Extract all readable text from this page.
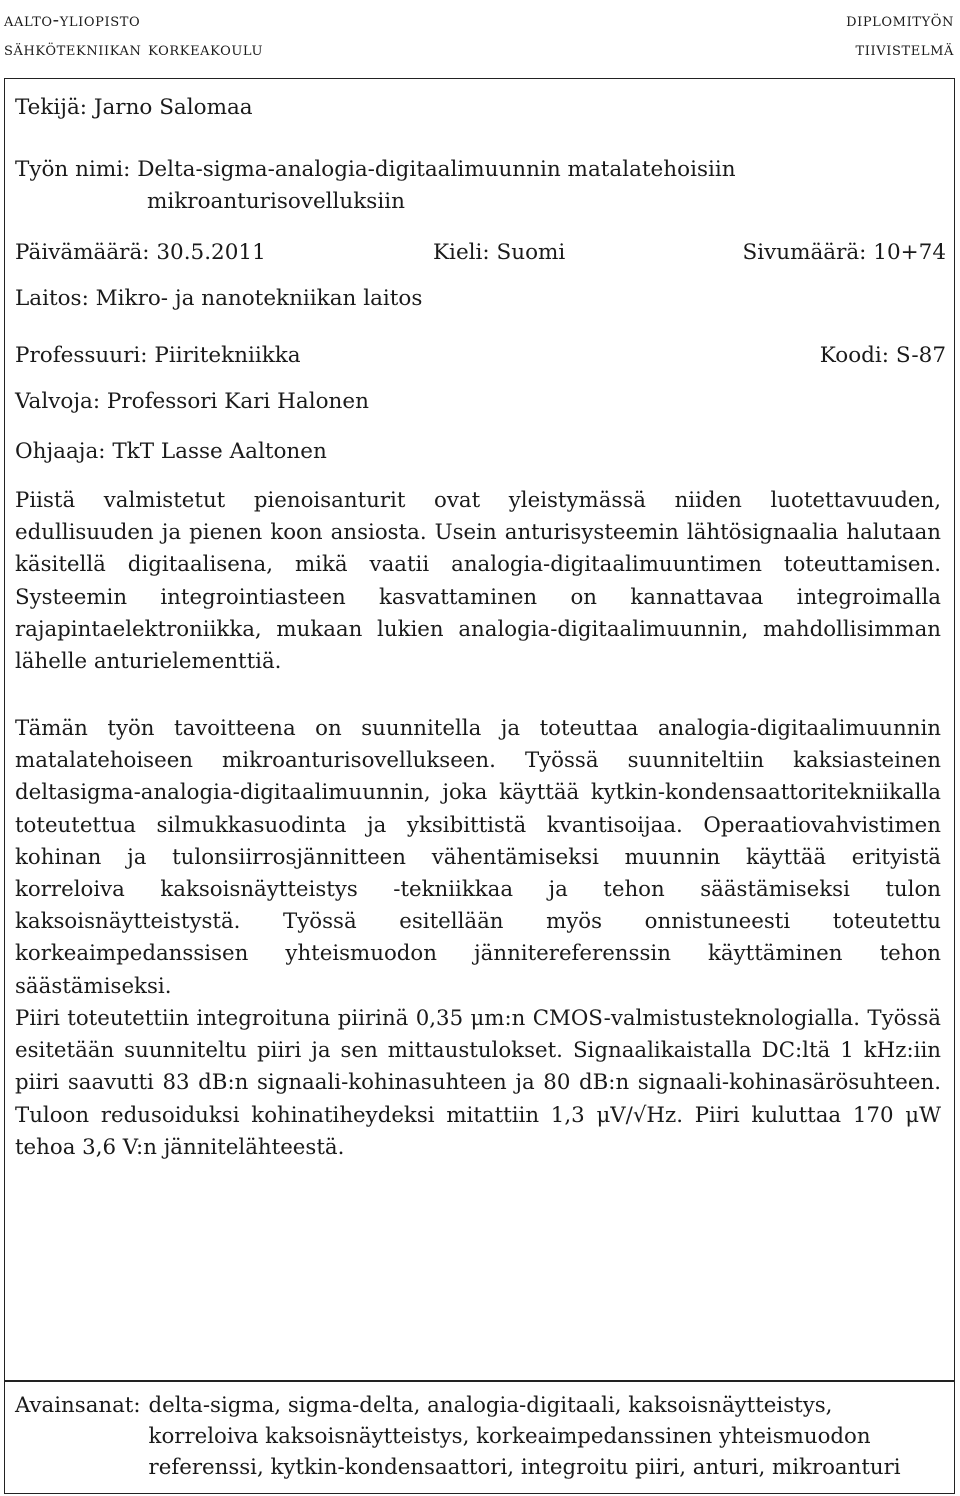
aalto-yliopisto
sähkötekniikan korkeakoulu
diplomityön
tiivistelmä
Tekijä: Jarno Salomaa
Työn nimi: Delta-sigma-analogia-digitaalimuunnin matalatehoisiin
mikroanturisovelluksiin
Päivämäärä: 30.5.2011	Kieli: Suomi	Sivumäärä: 10+74
Laitos: Mikro- ja nanotekniikan laitos
Professuuri: Piiritekniikka	Koodi: S-87
Valvoja: Professori Kari Halonen
Ohjaaja: TkT Lasse Aaltonen

Piistä valmistetut pienoisanturit ovat yleistymässä niiden luotettavuuden, edullisuuden ja pienen koon ansiosta. Usein anturisysteemin lähtösignaalia halutaan käsitellä digitaalisena, mikä vaatii analogia-digitaalimuuntimen toteuttamisen. Systeemin integrointiasteen kasvattaminen on kannattavaa integroimalla rajapintaelektroniikka, mukaan lukien analogia-digitaalimuunnin, mahdollisimman lähelle anturielementtiä.

Tämän työn tavoitteena on suunnitella ja toteuttaa analogia-digitaalimuunnin matalatehoiseen mikroanturisovellukseen. Työssä suunniteltiin kaksiasteinen deltasigma-analogia-digitaalimuunnin, joka käyttää kytkin-kondensaattoritekniikalla toteutettua silmukkasuodinta ja yksibittistä kvantisoijaa. Operaatiovahvistimen kohinan ja tulonsiirrosjännitteen vähentämiseksi muunnin käyttää erityistä korreloiva kaksoisnäytteistys -tekniikkaa ja tehon säästämiseksi tulon kaksoisnäytteistystä. Työssä esitellään myös onnistuneesti toteutettu korkeaimpedanssisen yhteismuodon jännitereferenssin käyttäminen tehon säästämiseksi.

Piiri toteutettiin integroituna piirinä 0,35 μm:n CMOS-valmistusteknologialla. Työssä esitetään suunniteltu piiri ja sen mittaustulokset. Signaalikaistalla DC:ltä 1 kHz:iin piiri saavutti 83 dB:n signaali-kohinasuhteen ja 80 dB:n signaali-kohinasärösuhteen. Tuloon redusoiduksi kohinatiheydeksi mitattiin 1,3 μV/√Hz. Piiri kuluttaa 170 μW tehoa 3,6 V:n jännitelähteestä.

Avainsanat: delta-sigma, sigma-delta, analogia-digitaali, kaksoisnäytteistys, korreloiva kaksoisnäytteistys, korkeaimpedanssinen yhteismuodon referenssi, kytkin-kondensaattori, integroitu piiri, anturi, mikroanturi
